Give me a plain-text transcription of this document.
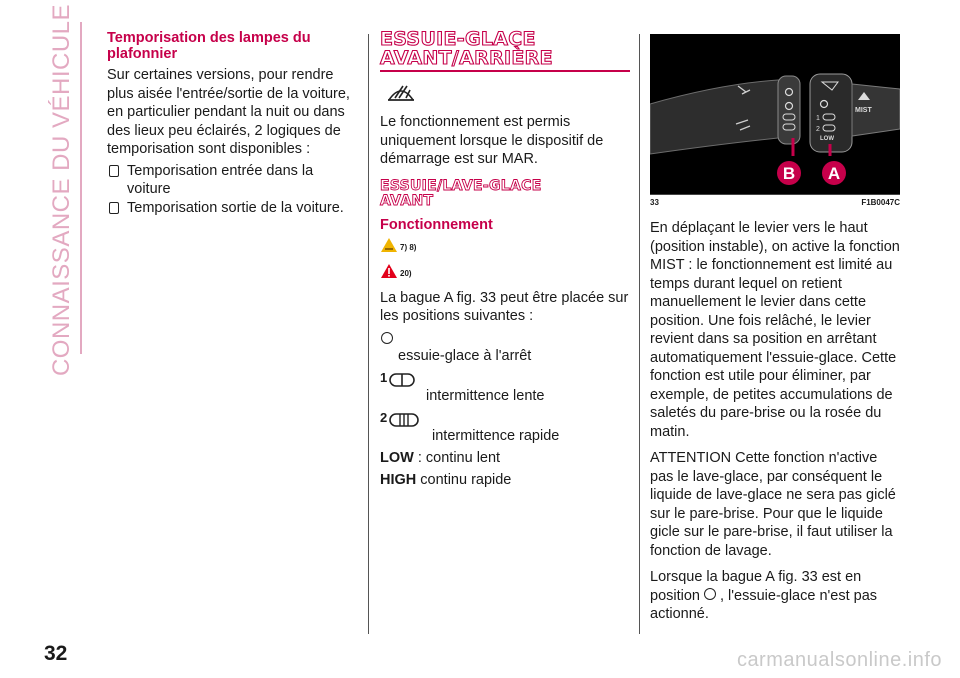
CONNAISSANCE DU VÉHICULE Temporisation des lampes du plafonnier

Sur certaines versions, pour rendre plus aisée l'entrée/sortie de la voiture, en particulier pendant la nuit ou dans des lieux peu éclairés, 2 logiques de temporisation sont disponibles :

Temporisation entrée dans la voiture
Temporisation sortie de la voiture.

ESSUIE-GLACE

AVANT/ARRIÈRE

Le fonctionnement est permis uniquement lorsque le dispositif de démarrage est sur MAR.

ESSUIE/LAVE-GLACE

AVANT

Fonctionnement

7) 8)
20)

La bague A fig. 33 peut être placée sur les positions suivantes :

essuie-glace à l'arrêt
1
intermittence lente
2
intermittence rapide
LOW : continu lent
HIGH continu rapide
1
2
LOW
MIST
B A
33	F1B0047C

En déplaçant le levier vers le haut (position instable), on active la fonction MIST : le fonctionnement est limité au temps durant lequel on retient manuellement le levier dans cette position. Une fois relâché, le levier revient dans sa position en arrêtant automatiquement l'essuie-glace. Cette fonction est utile pour éliminer, par exemple, de petites accumulations de saletés du pare-brise ou la rosée du matin.

ATTENTION Cette fonction n'active pas le lave-glace, par conséquent le liquide de lave-glace ne sera pas giclé sur le pare-brise. Pour que le liquide gicle sur le pare-brise, il faut utiliser la fonction de lavage.

Lorsque la bague A fig. 33 est en position , l'essuie-glace n'est pas actionné.

32	carmanualsonline.info
